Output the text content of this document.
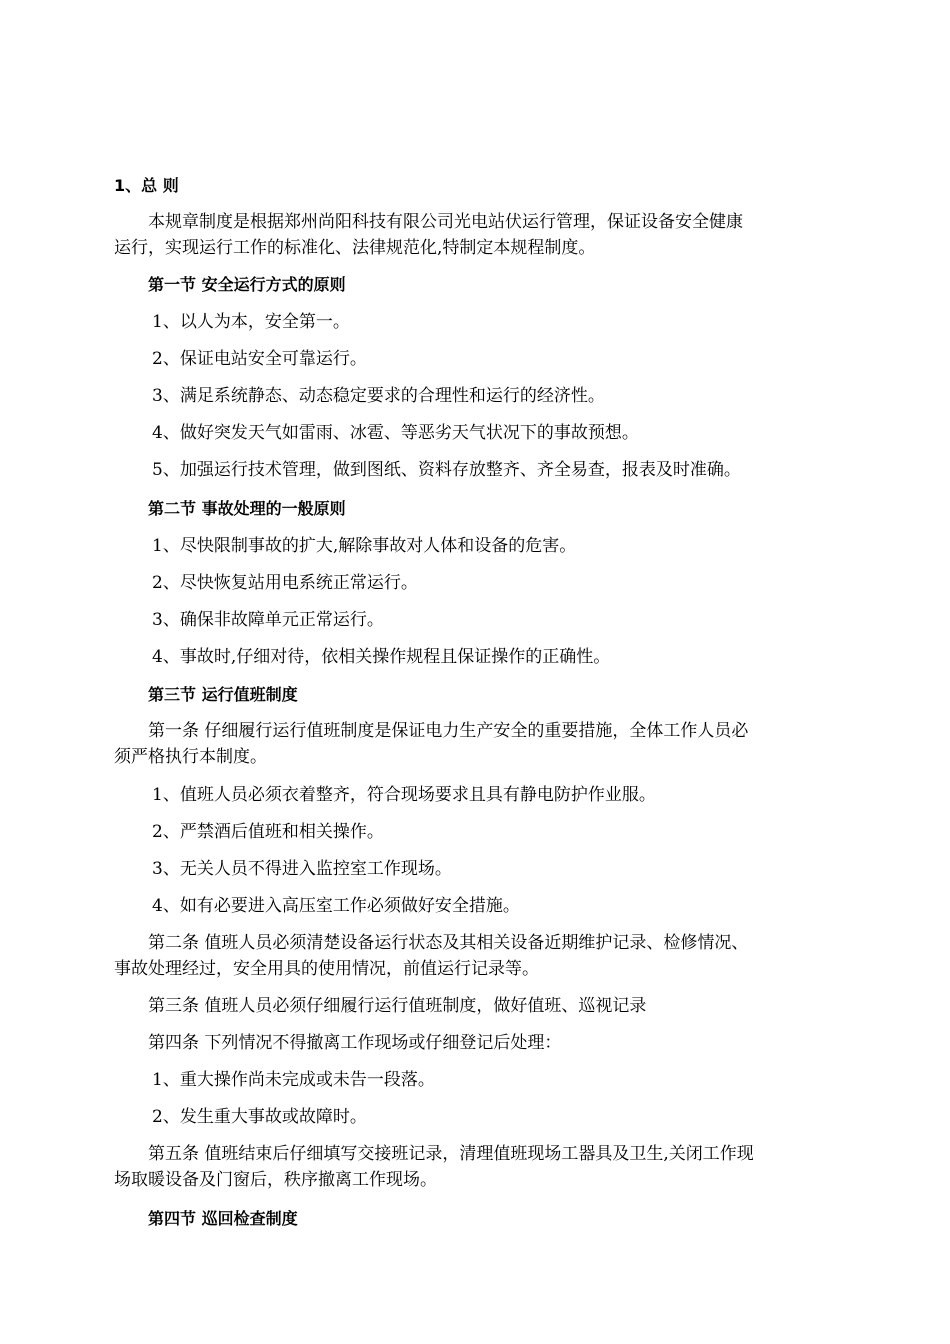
1、总 则

本规章制度是根据郑州尚阳科技有限公司光电站伏运行管理，保证设备安全健康

运行，实现运行工作的标准化、法律规范化,特制定本规程制度。

第一节 安全运行方式的原则

1、以人为本，安全第一。

2、保证电站安全可靠运行。

3、满足系统静态、动态稳定要求的合理性和运行的经济性。

4、做好突发天气如雷雨、冰雹、等恶劣天气状况下的事故预想。

5、加强运行技术管理，做到图纸、资料存放整齐、齐全易查，报表及时准确。

第二节 事故处理的一般原则

1、尽快限制事故的扩大,解除事故对人体和设备的危害。

2、尽快恢复站用电系统正常运行。

3、确保非故障单元正常运行。

4、事故时,仔细对待，依相关操作规程且保证操作的正确性。

第三节 运行值班制度

第一条 仔细履行运行值班制度是保证电力生产安全的重要措施，全体工作人员必

须严格执行本制度。

1、值班人员必须衣着整齐，符合现场要求且具有静电防护作业服。

2、严禁酒后值班和相关操作。

3、无关人员不得进入监控室工作现场。

4、如有必要进入高压室工作必须做好安全措施。

第二条 值班人员必须清楚设备运行状态及其相关设备近期维护记录、检修情况、

事故处理经过，安全用具的使用情况，前值运行记录等。

第三条 值班人员必须仔细履行运行值班制度，做好值班、巡视记录

第四条 下列情况不得撤离工作现场或仔细登记后处理：

1、重大操作尚未完成或未告一段落。

2、发生重大事故或故障时。

第五条 值班结束后仔细填写交接班记录，清理值班现场工器具及卫生,关闭工作现

场取暖设备及门窗后，秩序撤离工作现场。

第四节 巡回检查制度
